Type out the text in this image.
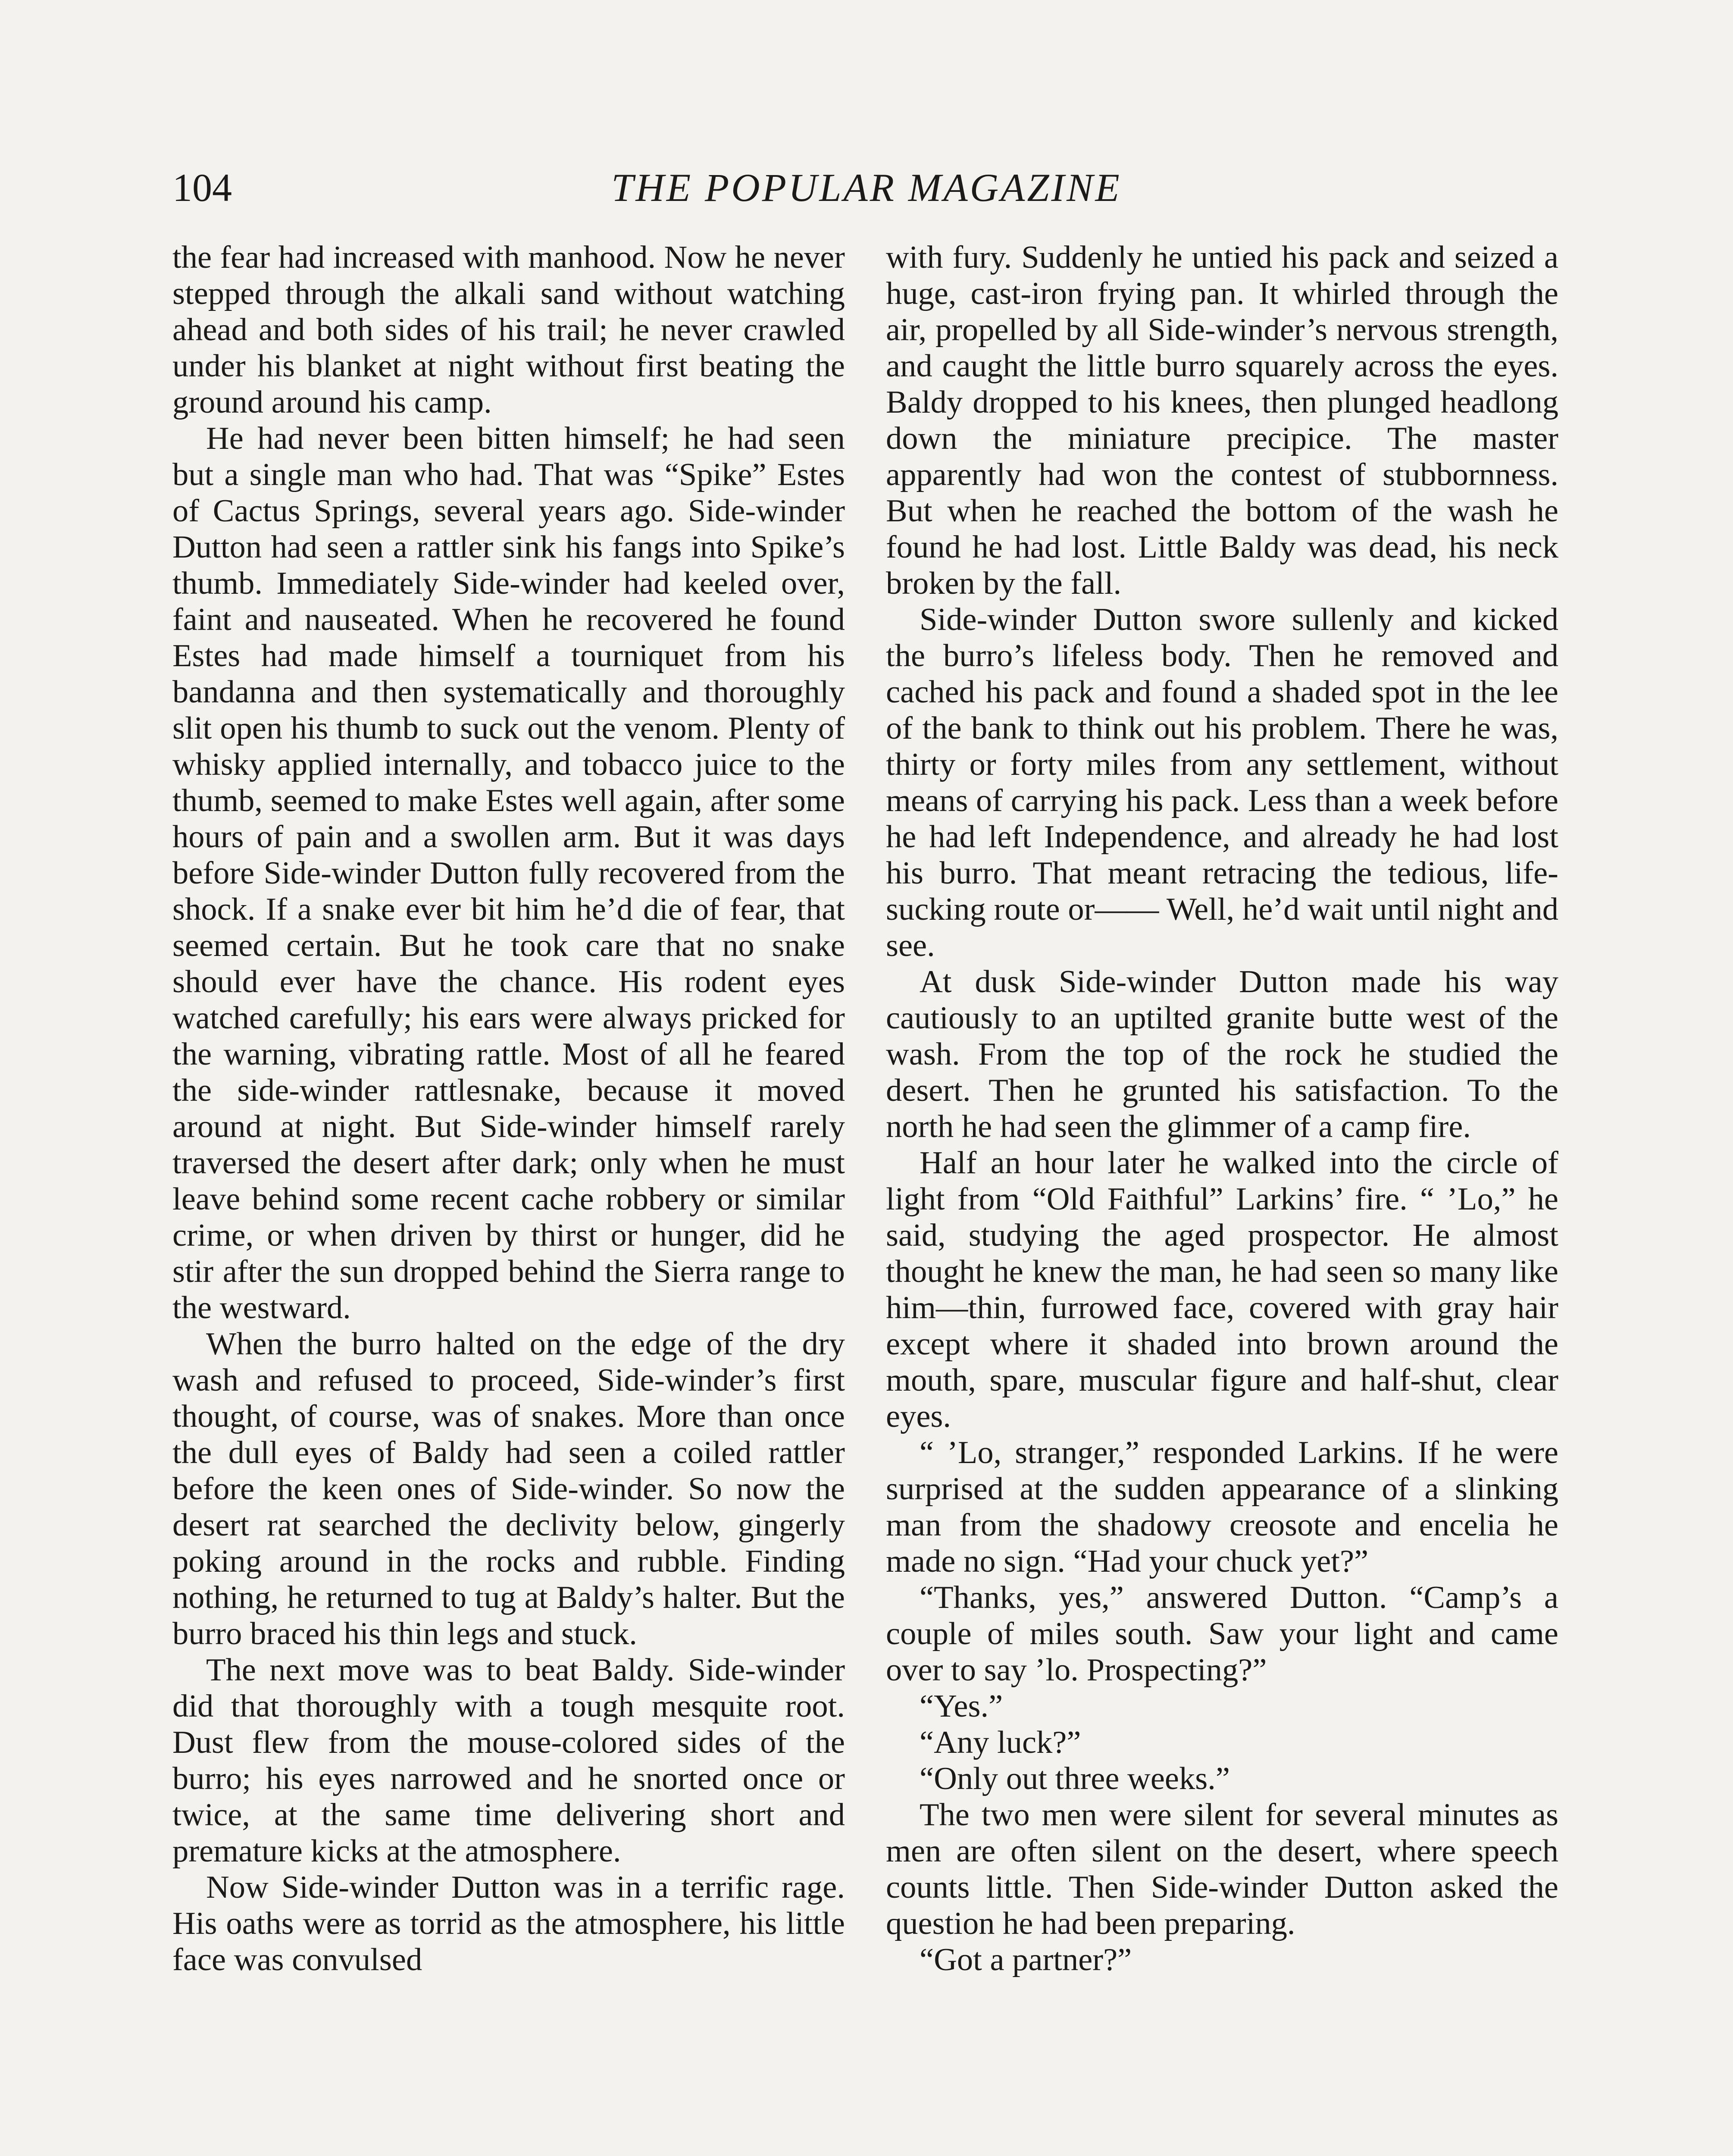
104	THE POPULAR MAGAZINE

the fear had increased with manhood. Now he never stepped through the alkali sand without watching ahead and both sides of his trail; he never crawled under his blanket at night without first beating the ground around his camp.

He had never been bitten himself; he had seen but a single man who had. That was “Spike” Estes of Cactus Springs, several years ago. Side-winder Dutton had seen a rattler sink his fangs into Spike’s thumb. Immediately Side-winder had keeled over, faint and nauseated. When he recovered he found Estes had made himself a tourniquet from his bandanna and then systematically and thoroughly slit open his thumb to suck out the venom. Plenty of whisky applied internally, and tobacco juice to the thumb, seemed to make Estes well again, after some hours of pain and a swollen arm. But it was days before Side-winder Dutton fully recovered from the shock. If a snake ever bit him he’d die of fear, that seemed certain. But he took care that no snake should ever have the chance. His rodent eyes watched carefully; his ears were always pricked for the warning, vibrating rattle. Most of all he feared the side-winder rattlesnake, because it moved around at night. But Side-winder himself rarely traversed the desert after dark; only when he must leave behind some recent cache robbery or similar crime, or when driven by thirst or hunger, did he stir after the sun dropped behind the Sierra range to the westward.

When the burro halted on the edge of the dry wash and refused to proceed, Side-winder’s first thought, of course, was of snakes. More than once the dull eyes of Baldy had seen a coiled rattler before the keen ones of Side-winder. So now the desert rat searched the declivity below, gingerly poking around in the rocks and rubble. Finding nothing, he returned to tug at Baldy’s halter. But the burro braced his thin legs and stuck.

The next move was to beat Baldy. Side-winder did that thoroughly with a tough mesquite root. Dust flew from the mouse-colored sides of the burro; his eyes narrowed and he snorted once or twice, at the same time delivering short and premature kicks at the atmosphere.

Now Side-winder Dutton was in a terrific rage. His oaths were as torrid as the atmosphere, his little face was convulsed

with fury. Suddenly he untied his pack and seized a huge, cast-iron frying pan. It whirled through the air, propelled by all Side-winder’s nervous strength, and caught the little burro squarely across the eyes. Baldy dropped to his knees, then plunged headlong down the miniature precipice. The master apparently had won the contest of stubbornness. But when he reached the bottom of the wash he found he had lost. Little Baldy was dead, his neck broken by the fall.

Side-winder Dutton swore sullenly and kicked the burro’s lifeless body. Then he removed and cached his pack and found a shaded spot in the lee of the bank to think out his problem. There he was, thirty or forty miles from any settlement, without means of carrying his pack. Less than a week before he had left Independence, and already he had lost his burro. That meant retracing the tedious, life-sucking route or—— Well, he’d wait until night and see.

At dusk Side-winder Dutton made his way cautiously to an uptilted granite butte west of the wash. From the top of the rock he studied the desert. Then he grunted his satisfaction. To the north he had seen the glimmer of a camp fire.

Half an hour later he walked into the circle of light from “Old Faithful” Larkins’ fire. “ ’Lo,” he said, studying the aged prospector. He almost thought he knew the man, he had seen so many like him—thin, furrowed face, covered with gray hair except where it shaded into brown around the mouth, spare, muscular figure and half-shut, clear eyes.

“ ’Lo, stranger,” responded Larkins. If he were surprised at the sudden appearance of a slinking man from the shadowy creosote and encelia he made no sign. “Had your chuck yet?”

“Thanks, yes,” answered Dutton. “Camp’s a couple of miles south. Saw your light and came over to say ’lo. Prospecting?”

“Yes.”

“Any luck?”

“Only out three weeks.”

The two men were silent for several minutes as men are often silent on the desert, where speech counts little. Then Side-winder Dutton asked the question he had been preparing.

“Got a partner?”
